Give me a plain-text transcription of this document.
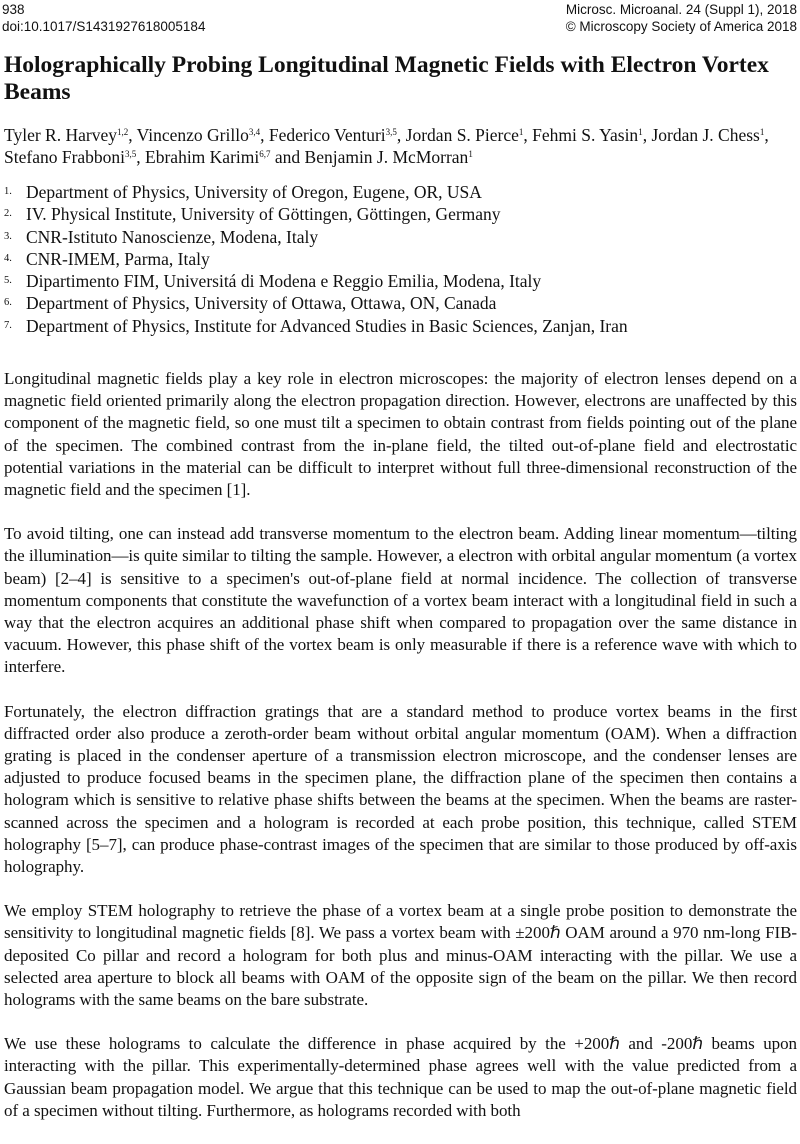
938
doi:10.1017/S1431927618005184
Microsc. Microanal. 24 (Suppl 1), 2018
© Microscopy Society of America 2018
Holographically Probing Longitudinal Magnetic Fields with Electron Vortex Beams

Tyler R. Harvey$^{1,2}$, Vincenzo Grillo$^{3,4}$, Federico Venturi$^{3,5}$, Jordan S. Pierce$^1$, Fehmi S. Yasin$^1$, Jordan J. Chess$^1$, Stefano Frabboni$^{3,5}$, Ebrahim Karimi$^{6,7}$ and Benjamin J. McMorran$^1$

1. Department of Physics, University of Oregon, Eugene, OR, USA
2. IV. Physical Institute, University of Göttingen, Göttingen, Germany
3. CNR-Istituto Nanoscienze, Modena, Italy
4. CNR-IMEM, Parma, Italy
5. Dipartimento FIM, Universitá di Modena e Reggio Emilia, Modena, Italy
6. Department of Physics, University of Ottawa, Ottawa, ON, Canada
7. Department of Physics, Institute for Advanced Studies in Basic Sciences, Zanjan, Iran

Longitudinal magnetic fields play a key role in electron microscopes: the majority of electron lenses depend on a magnetic field oriented primarily along the electron propagation direction. However, electrons are unaffected by this component of the magnetic field, so one must tilt a specimen to obtain contrast from fields pointing out of the plane of the specimen. The combined contrast from the in-plane field, the tilted out-of-plane field and electrostatic potential variations in the material can be difficult to interpret without full three-dimensional reconstruction of the magnetic field and the specimen [1].

To avoid tilting, one can instead add transverse momentum to the electron beam. Adding linear momentum—tilting the illumination—is quite similar to tilting the sample. However, a electron with orbital angular momentum (a vortex beam) [2–4] is sensitive to a specimen's out-of-plane field at normal incidence. The collection of transverse momentum components that constitute the wavefunction of a vortex beam interact with a longitudinal field in such a way that the electron acquires an additional phase shift when compared to propagation over the same distance in vacuum. However, this phase shift of the vortex beam is only measurable if there is a reference wave with which to interfere.

Fortunately, the electron diffraction gratings that are a standard method to produce vortex beams in the first diffracted order also produce a zeroth-order beam without orbital angular momentum (OAM). When a diffraction grating is placed in the condenser aperture of a transmission electron microscope, and the condenser lenses are adjusted to produce focused beams in the specimen plane, the diffraction plane of the specimen then contains a hologram which is sensitive to relative phase shifts between the beams at the specimen. When the beams are raster-scanned across the specimen and a hologram is recorded at each probe position, this technique, called STEM holography [5–7], can produce phase-contrast images of the specimen that are similar to those produced by off-axis holography.

We employ STEM holography to retrieve the phase of a vortex beam at a single probe position to demonstrate the sensitivity to longitudinal magnetic fields [8]. We pass a vortex beam with ±200ℏ OAM around a 970 nm-long FIB-deposited Co pillar and record a hologram for both plus and minus-OAM interacting with the pillar. We use a selected area aperture to block all beams with OAM of the opposite sign of the beam on the pillar. We then record holograms with the same beams on the bare substrate.

We use these holograms to calculate the difference in phase acquired by the +200ℏ and -200ℏ beams upon interacting with the pillar. This experimentally-determined phase agrees well with the value predicted from a Gaussian beam propagation model. We argue that this technique can be used to map the out-of-plane magnetic field of a specimen without tilting. Furthermore, as holograms recorded with both
